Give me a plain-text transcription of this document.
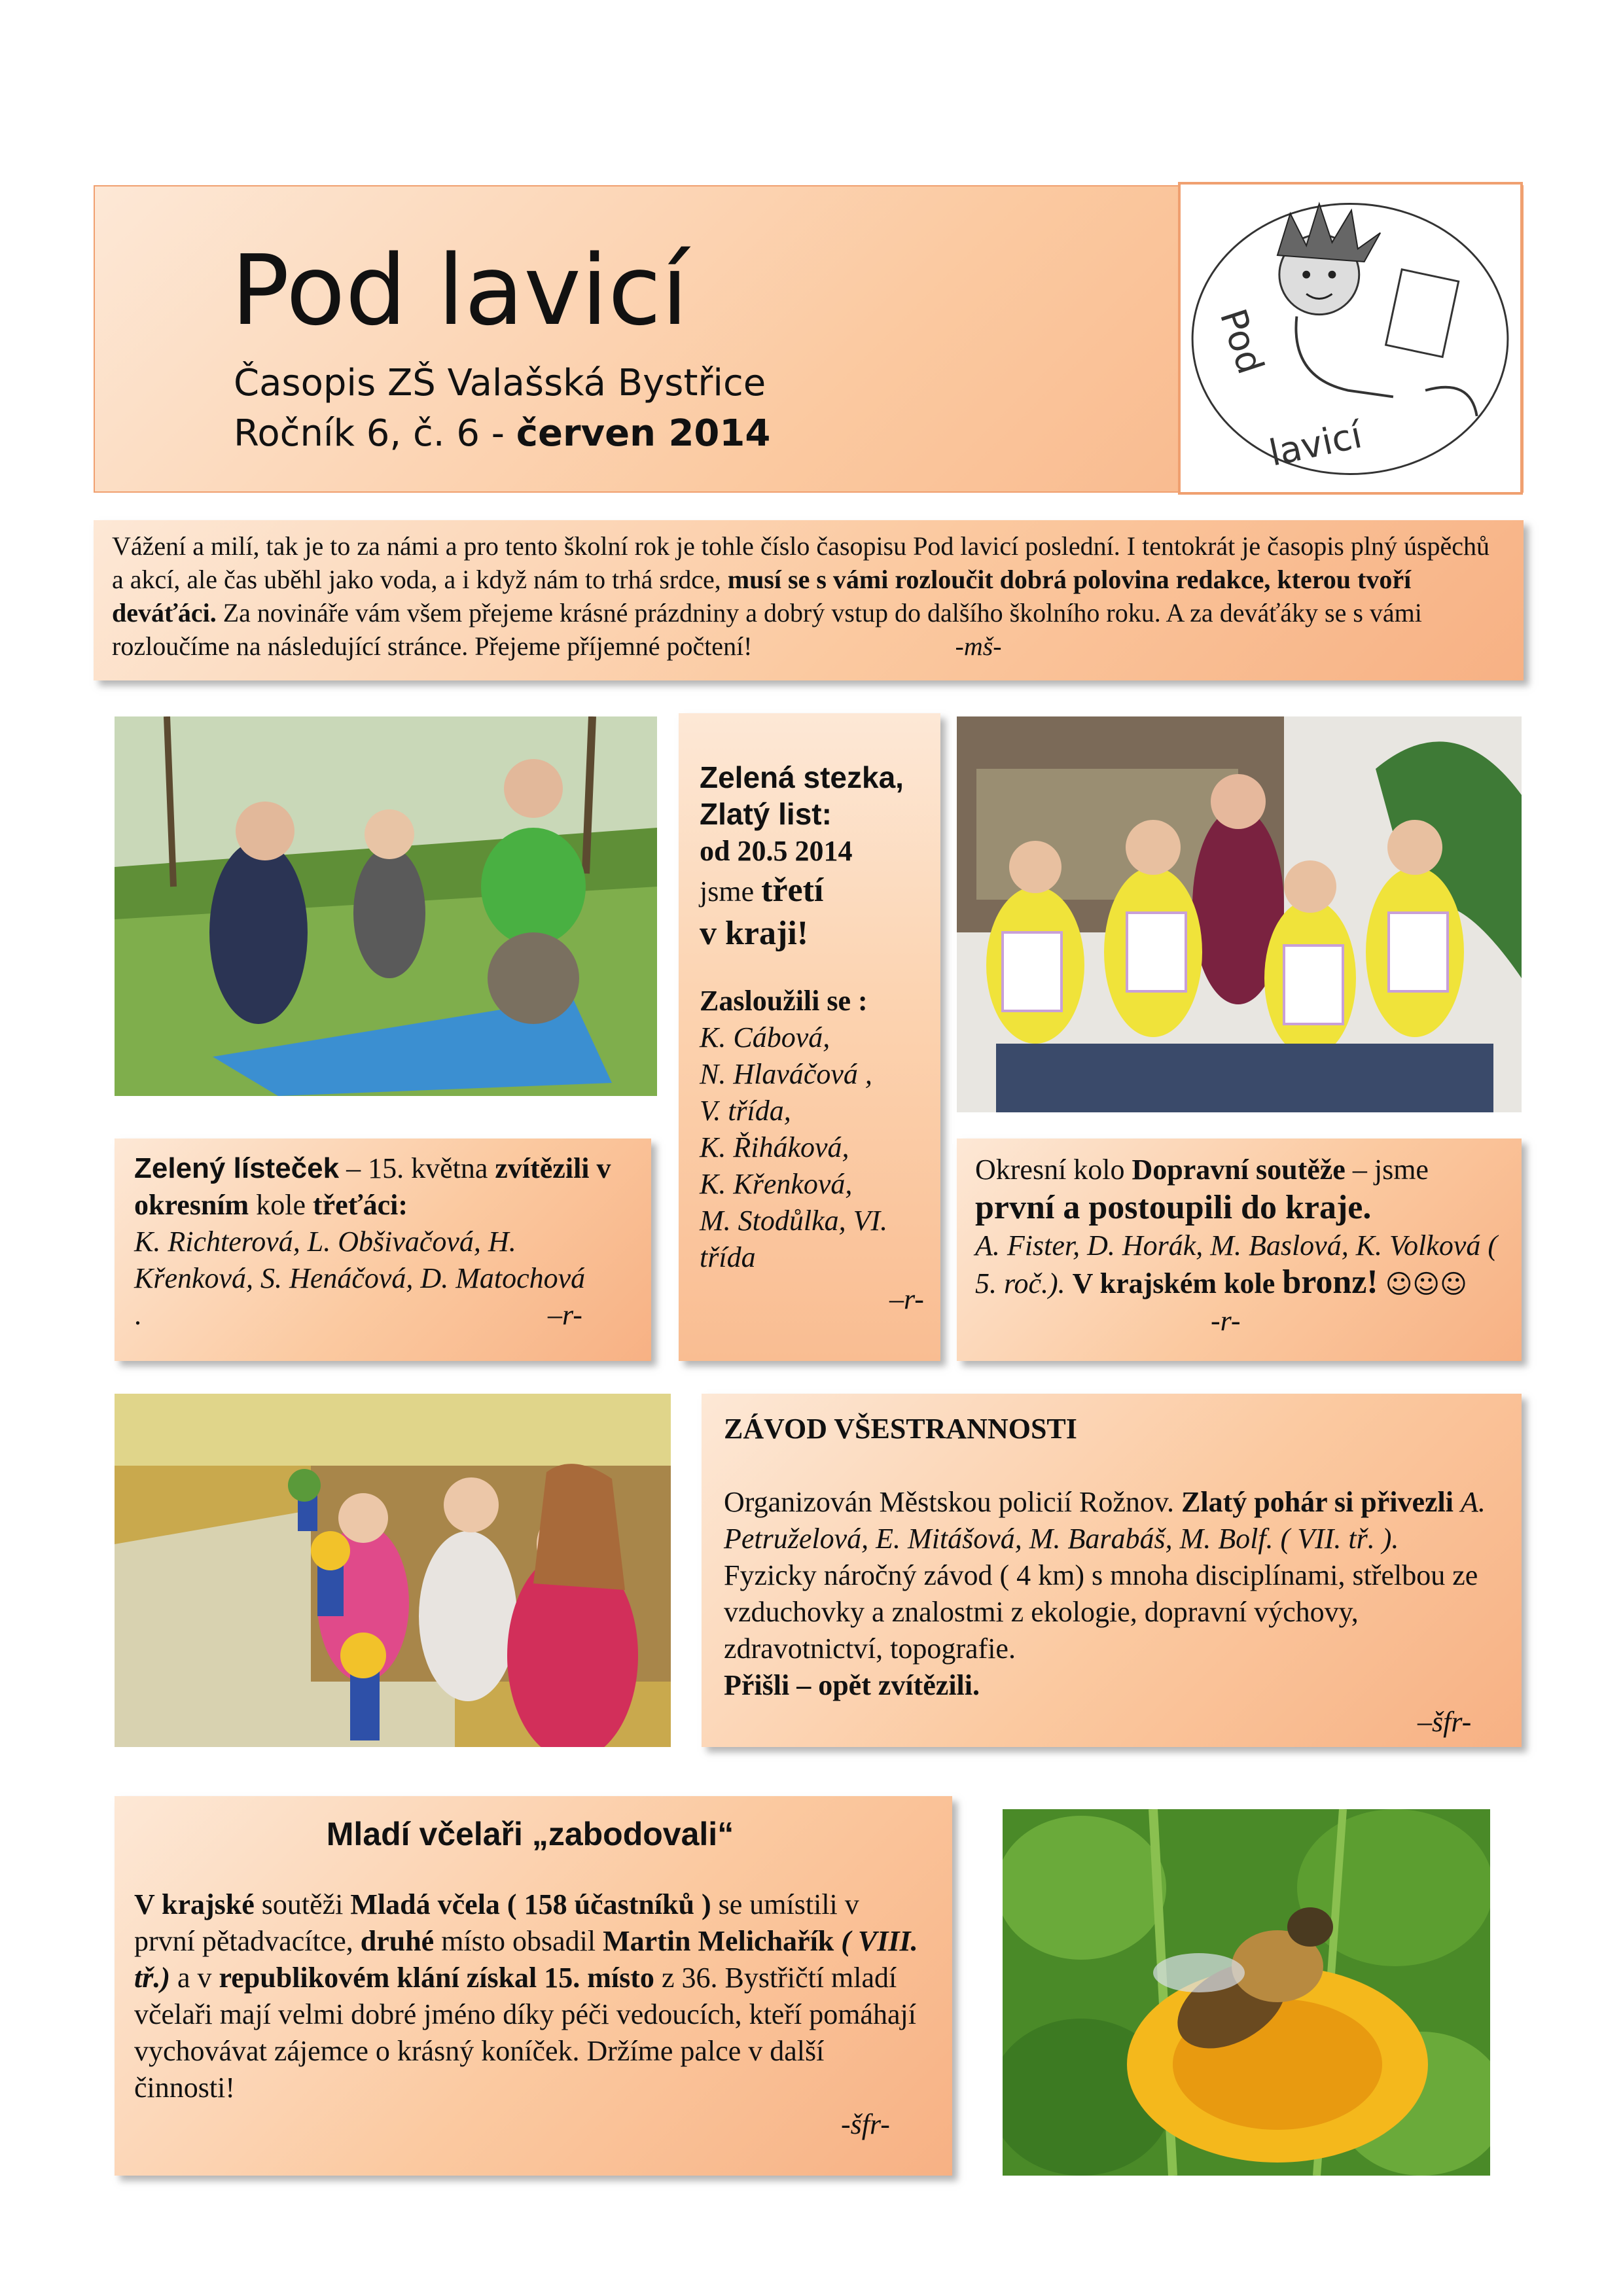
Pod lavicí
Časopis ZŠ Valašská Bystřice
Ročník 6, č. 6 - červen 2014
Pod
lavicí
Vážení a milí, tak je to za námi a pro tento školní rok je tohle číslo časopisu Pod lavicí poslední. I tentokrát je časopis plný úspěchů a akcí, ale čas uběhl jako voda, a i když nám to trhá srdce, musí se s vámi rozloučit dobrá polovina redakce, kterou tvoří deváťáci. Za novináře vám všem přejeme krásné prázdniny a dobrý vstup do dalšího školního roku. A za deváťáky se s vámi rozloučíme na následující stránce. Přejeme příjemné počtení!	-mš-
Zelený lísteček – 15. května zvítězili v okresním kole třeťáci:
K. Richterová, L. Obšivačová, H. Křenková, S. Henáčová, D. Matochová
.	–r-
Zelená stezka,
Zlatý list:
od 20.5 2014
jsme třetí
v kraji!
Zasloužili se :
K. Cábová,
N. Hlaváčová ,
V. třída,
K. Řiháková,
K. Křenková,
M. Stodůlka, VI.
třída
–r-
Okresní kolo Dopravní soutěže – jsme
první a postoupili do kraje.
A. Fister, D. Horák, M. Baslová, K. Volková ( 5. roč.). V krajském kole bronz! ☺☺☺ -r-
ZÁVOD VŠESTRANNOSTI
Organizován Městskou policií Rožnov. Zlatý pohár si přivezli A. Petruželová, E. Mitášová, M. Barabáš, M. Bolf. ( VII. tř. ). Fyzicky náročný závod ( 4 km) s mnoha disciplínami, střelbou ze vzduchovky a znalostmi z ekologie, dopravní výchovy, zdravotnictví, topografie.
Přišli – opět zvítězili.
–šfr-
Mladí včelaři „zabodovali“
V krajské soutěži Mladá včela ( 158 účastníků ) se umístili v první pětadvacítce, druhé místo obsadil Martin Melichařík ( VIII. tř.) a v republikovém klání získal 15. místo z 36. Bystřičtí mladí včelaři mají velmi dobré jméno díky péči vedoucích, kteří pomáhají vychovávat zájemce o krásný koníček. Držíme palce v další činnosti!
-šfr-
